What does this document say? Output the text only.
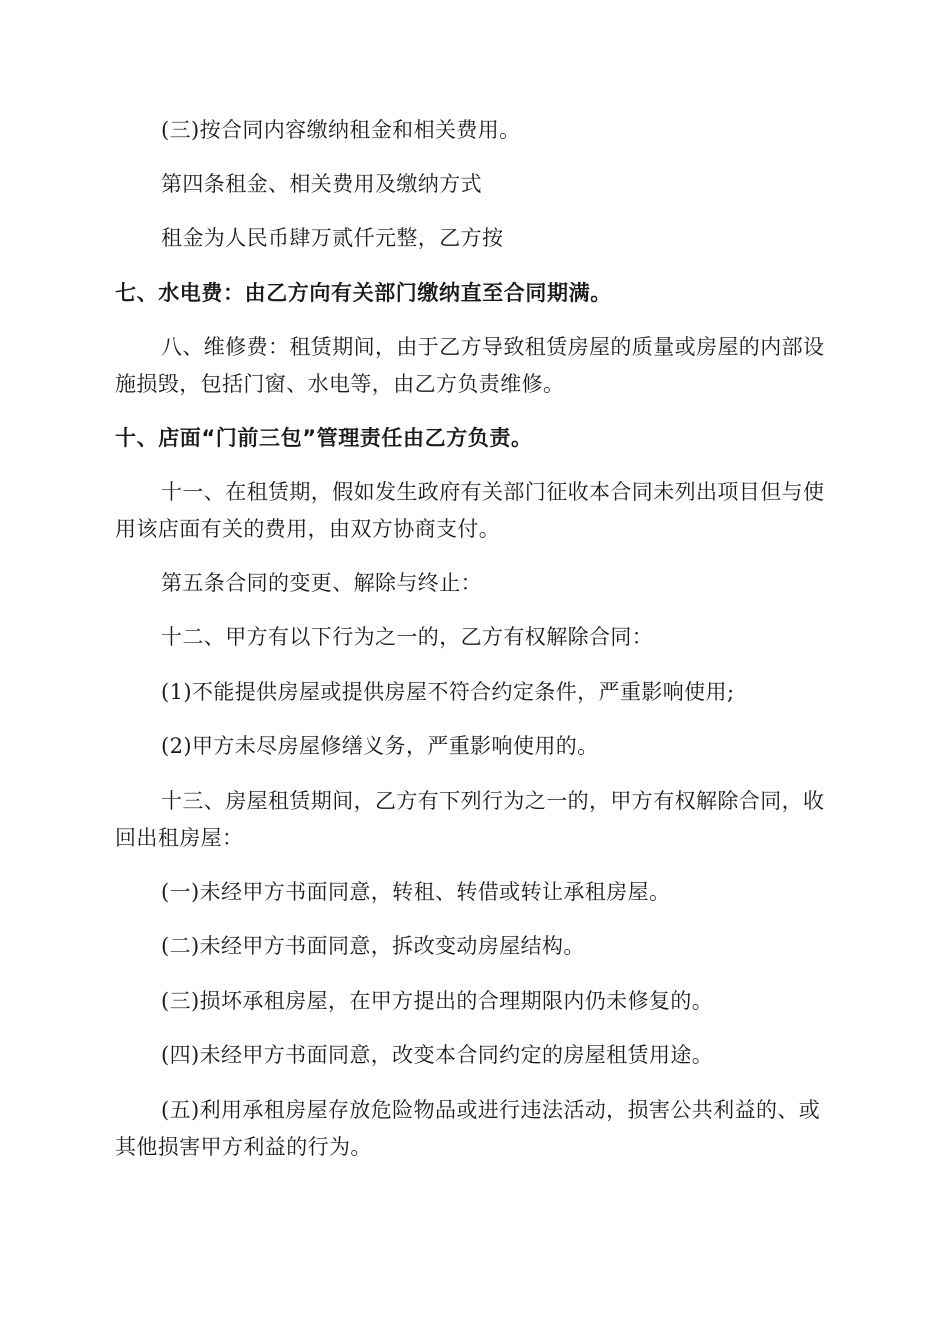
(三)按合同内容缴纳租金和相关费用。

第四条租金、相关费用及缴纳方式

租金为人民币肆万贰仟元整，乙方按

七、水电费：由乙方向有关部门缴纳直至合同期满。

八、维修费：租赁期间，由于乙方导致租赁房屋的质量或房屋的内部设施损毁，包括门窗、水电等，由乙方负责维修。

十、店面“门前三包”管理责任由乙方负责。

十一、在租赁期，假如发生政府有关部门征收本合同未列出项目但与使用该店面有关的费用，由双方协商支付。

第五条合同的变更、解除与终止：

十二、甲方有以下行为之一的，乙方有权解除合同：

(1)不能提供房屋或提供房屋不符合约定条件，严重影响使用;

(2)甲方未尽房屋修缮义务，严重影响使用的。

十三、房屋租赁期间，乙方有下列行为之一的，甲方有权解除合同，收回出租房屋：

(一)未经甲方书面同意，转租、转借或转让承租房屋。

(二)未经甲方书面同意，拆改变动房屋结构。

(三)损坏承租房屋，在甲方提出的合理期限内仍未修复的。

(四)未经甲方书面同意，改变本合同约定的房屋租赁用途。

(五)利用承租房屋存放危险物品或进行违法活动，损害公共利益的、或其他损害甲方利益的行为。
